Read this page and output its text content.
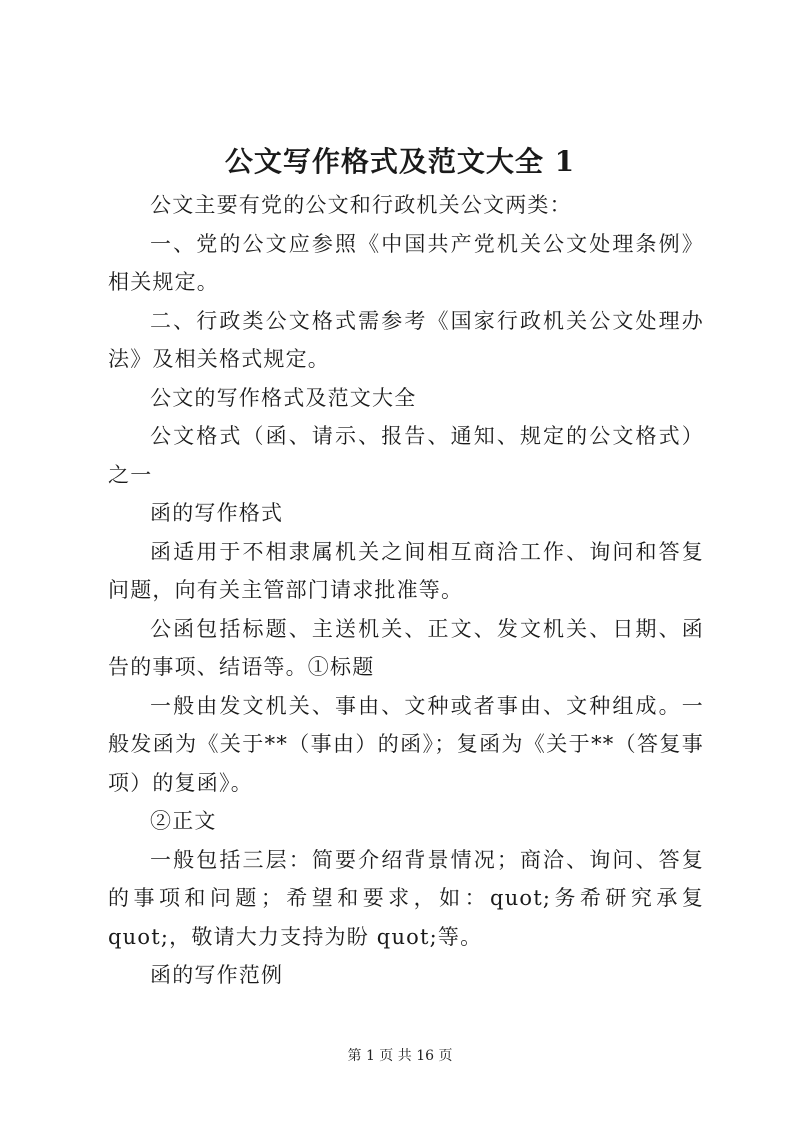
公文写作格式及范文大全 1

公文主要有党的公文和行政机关公文两类：

一、党的公文应参照《中国共产党机关公文处理条例》相关规定。

二、行政类公文格式需参考《国家行政机关公文处理办法》及相关格式规定。

公文的写作格式及范文大全

公文格式（函、请示、报告、通知、规定的公文格式）之一

函的写作格式

函适用于不相隶属机关之间相互商洽工作、询问和答复问题，向有关主管部门请求批准等。

公函包括标题、主送机关、正文、发文机关、日期、函告的事项、结语等。①标题

一般由发文机关、事由、文种或者事由、文种组成。一般发函为《关于**（事由）的函》；复函为《关于**（答复事项）的复函》。

②正文

一般包括三层：简要介绍背景情况；商洽、询问、答复的事项和问题；希望和要求，如：quot;务希研究承复 quot;，敬请大力支持为盼 quot;等。

函的写作范例

第 1 页 共 16 页
